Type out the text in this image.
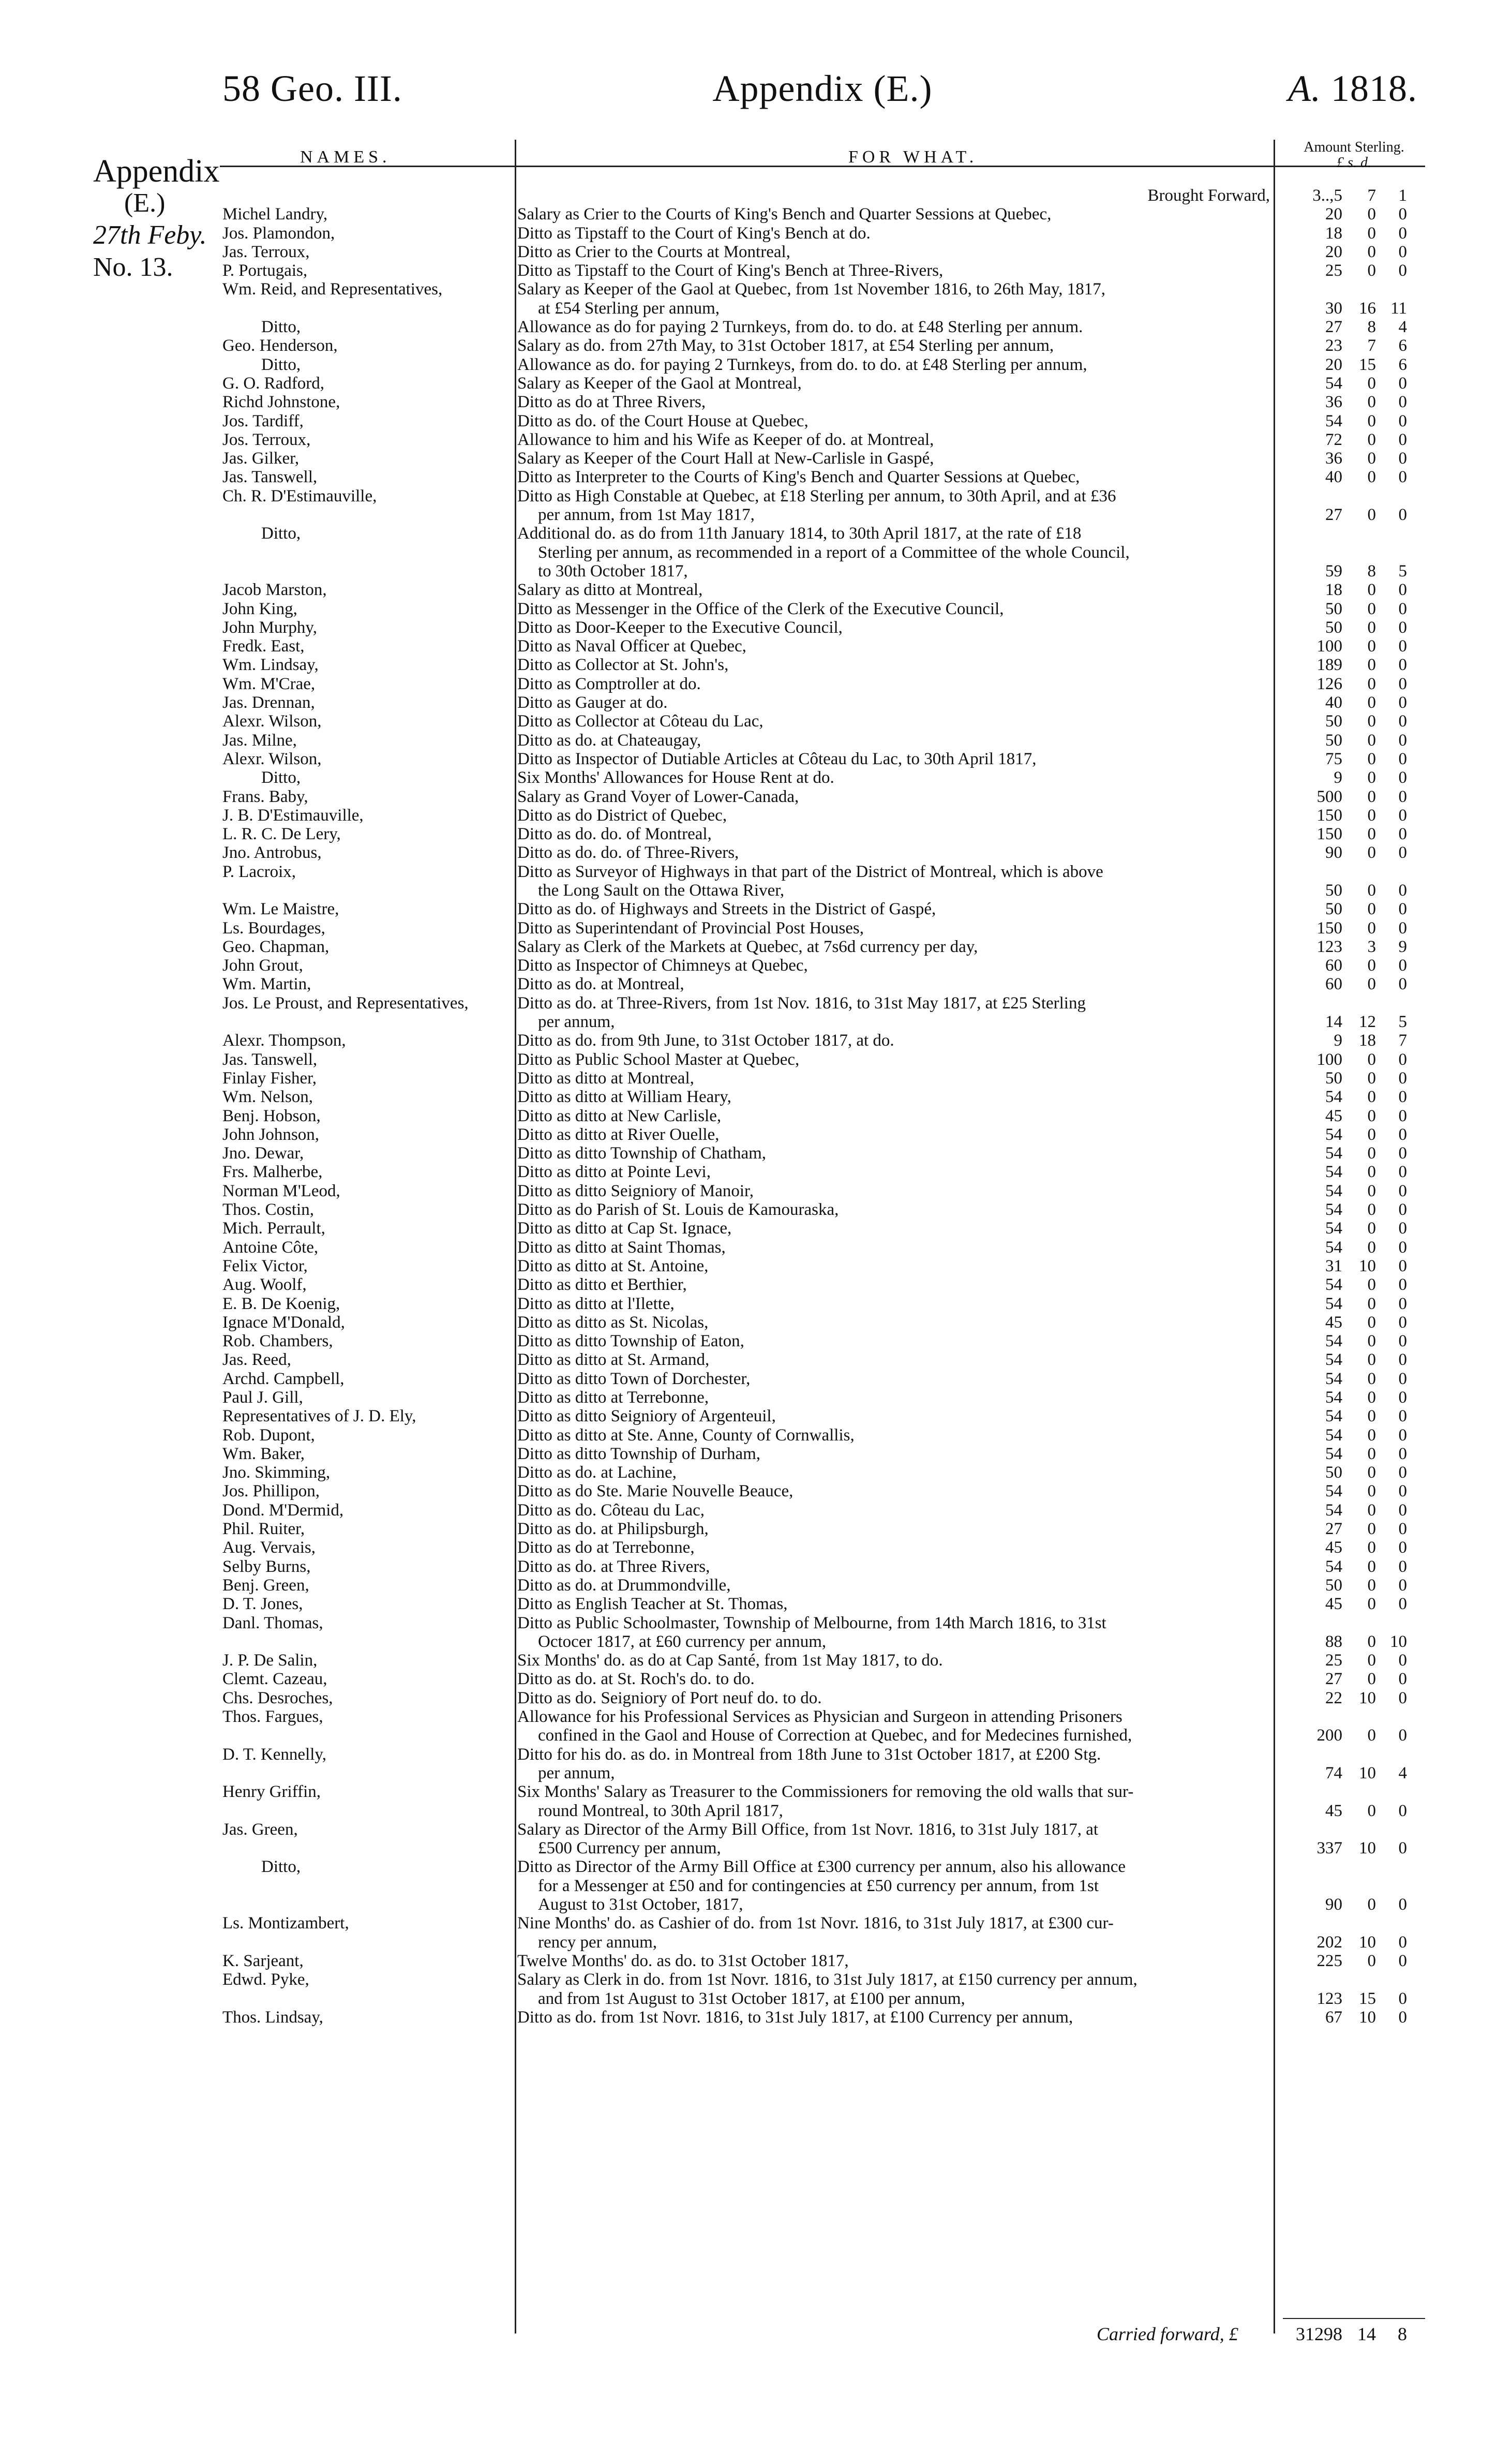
58 Geo. III.	Appendix (E.)	A. 1818.
Appendix
(E.)
27th Feby.
No. 13.
NAMES.	FOR WHAT.
Amount Sterling.
£ s. d.
Brought Forward,	3..,5 7 1
Michel Landry,	Salary as Crier to the Courts of King's Bench and Quarter Sessions at Quebec,	20 0 0
Jos. Plamondon,	Ditto as Tipstaff to the Court of King's Bench at do.	18 0 0
Jas. Terroux,	Ditto as Crier to the Courts at Montreal,	20 0 0
P. Portugais,	Ditto as Tipstaff to the Court of King's Bench at Three-Rivers,	25 0 0
Wm. Reid, and Representatives,	Salary as Keeper of the Gaol at Quebec, from 1st November 1816, to 26th May, 1817,
at £54 Sterling per annum,	30 16 11
Ditto,	Allowance as do for paying 2 Turnkeys, from do. to do. at £48 Sterling per annum.	27 8 4
Geo. Henderson,	Salary as do. from 27th May, to 31st October 1817, at £54 Sterling per annum,	23 7 6
Ditto,	Allowance as do. for paying 2 Turnkeys, from do. to do. at £48 Sterling per annum,	20 15 6
G. O. Radford,	Salary as Keeper of the Gaol at Montreal,	54 0 0
Richd Johnstone,	Ditto as do at Three Rivers,	36 0 0
Jos. Tardiff,	Ditto as do. of the Court House at Quebec,	54 0 0
Jos. Terroux,	Allowance to him and his Wife as Keeper of do. at Montreal,	72 0 0
Jas. Gilker,	Salary as Keeper of the Court Hall at New-Carlisle in Gaspé,	36 0 0
Jas. Tanswell,	Ditto as Interpreter to the Courts of King's Bench and Quarter Sessions at Quebec,	40 0 0
Ch. R. D'Estimauville,	Ditto as High Constable at Quebec, at £18 Sterling per annum, to 30th April, and at £36
per annum, from 1st May 1817,	27 0 0
Ditto,	Additional do. as do from 11th January 1814, to 30th April 1817, at the rate of £18
Sterling per annum, as recommended in a report of a Committee of the whole Council,
to 30th October 1817,	59 8 5
Jacob Marston,	Salary as ditto at Montreal,	18 0 0
John King,	Ditto as Messenger in the Office of the Clerk of the Executive Council,	50 0 0
John Murphy,	Ditto as Door-Keeper to the Executive Council,	50 0 0
Fredk. East,	Ditto as Naval Officer at Quebec,	100 0 0
Wm. Lindsay,	Ditto as Collector at St. John's,	189 0 0
Wm. M'Crae,	Ditto as Comptroller at do.	126 0 0
Jas. Drennan,	Ditto as Gauger at do.	40 0 0
Alexr. Wilson,	Ditto as Collector at Côteau du Lac,	50 0 0
Jas. Milne,	Ditto as do. at Chateaugay,	50 0 0
Alexr. Wilson,	Ditto as Inspector of Dutiable Articles at Côteau du Lac, to 30th April 1817,	75 0 0
Ditto,	Six Months' Allowances for House Rent at do.	9 0 0
Frans. Baby,	Salary as Grand Voyer of Lower-Canada,	500 0 0
J. B. D'Estimauville,	Ditto as do District of Quebec,	150 0 0
L. R. C. De Lery,	Ditto as do. do. of Montreal,	150 0 0
Jno. Antrobus,	Ditto as do. do. of Three-Rivers,	90 0 0
P. Lacroix,	Ditto as Surveyor of Highways in that part of the District of Montreal, which is above
the Long Sault on the Ottawa River,	50 0 0
Wm. Le Maistre,	Ditto as do. of Highways and Streets in the District of Gaspé,	50 0 0
Ls. Bourdages,	Ditto as Superintendant of Provincial Post Houses,	150 0 0
Geo. Chapman,	Salary as Clerk of the Markets at Quebec, at 7s6d currency per day,	123 3 9
John Grout,	Ditto as Inspector of Chimneys at Quebec,	60 0 0
Wm. Martin,	Ditto as do. at Montreal,	60 0 0
Jos. Le Proust, and Representatives,	Ditto as do. at Three-Rivers, from 1st Nov. 1816, to 31st May 1817, at £25 Sterling
per annum,	14 12 5
Alexr. Thompson,	Ditto as do. from 9th June, to 31st October 1817, at do.	9 18 7
Jas. Tanswell,	Ditto as Public School Master at Quebec,	100 0 0
Finlay Fisher,	Ditto as ditto at Montreal,	50 0 0
Wm. Nelson,	Ditto as ditto at William Heary,	54 0 0
Benj. Hobson,	Ditto as ditto at New Carlisle,	45 0 0
John Johnson,	Ditto as ditto at River Ouelle,	54 0 0
Jno. Dewar,	Ditto as ditto Township of Chatham,	54 0 0
Frs. Malherbe,	Ditto as ditto at Pointe Levi,	54 0 0
Norman M'Leod,	Ditto as ditto Seigniory of Manoir,	54 0 0
Thos. Costin,	Ditto as do Parish of St. Louis de Kamouraska,	54 0 0
Mich. Perrault,	Ditto as ditto at Cap St. Ignace,	54 0 0
Antoine Côte,	Ditto as ditto at Saint Thomas,	54 0 0
Felix Victor,	Ditto as ditto at St. Antoine,	31 10 0
Aug. Woolf,	Ditto as ditto et Berthier,	54 0 0
E. B. De Koenig,	Ditto as ditto at l'Ilette,	54 0 0
Ignace M'Donald,	Ditto as ditto as St. Nicolas,	45 0 0
Rob. Chambers,	Ditto as ditto Township of Eaton,	54 0 0
Jas. Reed,	Ditto as ditto at St. Armand,	54 0 0
Archd. Campbell,	Ditto as ditto Town of Dorchester,	54 0 0
Paul J. Gill,	Ditto as ditto at Terrebonne,	54 0 0
Representatives of J. D. Ely,	Ditto as ditto Seigniory of Argenteuil,	54 0 0
Rob. Dupont,	Ditto as ditto at Ste. Anne, County of Cornwallis,	54 0 0
Wm. Baker,	Ditto as ditto Township of Durham,	54 0 0
Jno. Skimming,	Ditto as do. at Lachine,	50 0 0
Jos. Phillipon,	Ditto as do Ste. Marie Nouvelle Beauce,	54 0 0
Dond. M'Dermid,	Ditto as do. Côteau du Lac,	54 0 0
Phil. Ruiter,	Ditto as do. at Philipsburgh,	27 0 0
Aug. Vervais,	Ditto as do at Terrebonne,	45 0 0
Selby Burns,	Ditto as do. at Three Rivers,	54 0 0
Benj. Green,	Ditto as do. at Drummondville,	50 0 0
D. T. Jones,	Ditto as English Teacher at St. Thomas,	45 0 0
Danl. Thomas,	Ditto as Public Schoolmaster, Township of Melbourne, from 14th March 1816, to 31st
Octocer 1817, at £60 currency per annum,	88 0 10
J. P. De Salin,	Six Months' do. as do at Cap Santé, from 1st May 1817, to do.	25 0 0
Clemt. Cazeau,	Ditto as do. at St. Roch's do. to do.	27 0 0
Chs. Desroches,	Ditto as do. Seigniory of Port neuf do. to do.	22 10 0
Thos. Fargues,	Allowance for his Professional Services as Physician and Surgeon in attending Prisoners
confined in the Gaol and House of Correction at Quebec, and for Medecines furnished,	200 0 0
D. T. Kennelly,	Ditto for his do. as do. in Montreal from 18th June to 31st October 1817, at £200 Stg.
per annum,	74 10 4
Henry Griffin,	Six Months' Salary as Treasurer to the Commissioners for removing the old walls that sur-
round Montreal, to 30th April 1817,	45 0 0
Jas. Green,	Salary as Director of the Army Bill Office, from 1st Novr. 1816, to 31st July 1817, at
£500 Currency per annum,	337 10 0
Ditto,	Ditto as Director of the Army Bill Office at £300 currency per annum, also his allowance
for a Messenger at £50 and for contingencies at £50 currency per annum, from 1st
August to 31st October, 1817,	90 0 0
Ls. Montizambert,	Nine Months' do. as Cashier of do. from 1st Novr. 1816, to 31st July 1817, at £300 cur-
rency per annum,	202 10 0
K. Sarjeant,	Twelve Months' do. as do. to 31st October 1817,	225 0 0
Edwd. Pyke,	Salary as Clerk in do. from 1st Novr. 1816, to 31st July 1817, at £150 currency per annum,
and from 1st August to 31st October 1817, at £100 per annum,	123 15 0
Thos. Lindsay,	Ditto as do. from 1st Novr. 1816, to 31st July 1817, at £100 Currency per annum,	67 10 0
Carried forward, £	31298 14 8
